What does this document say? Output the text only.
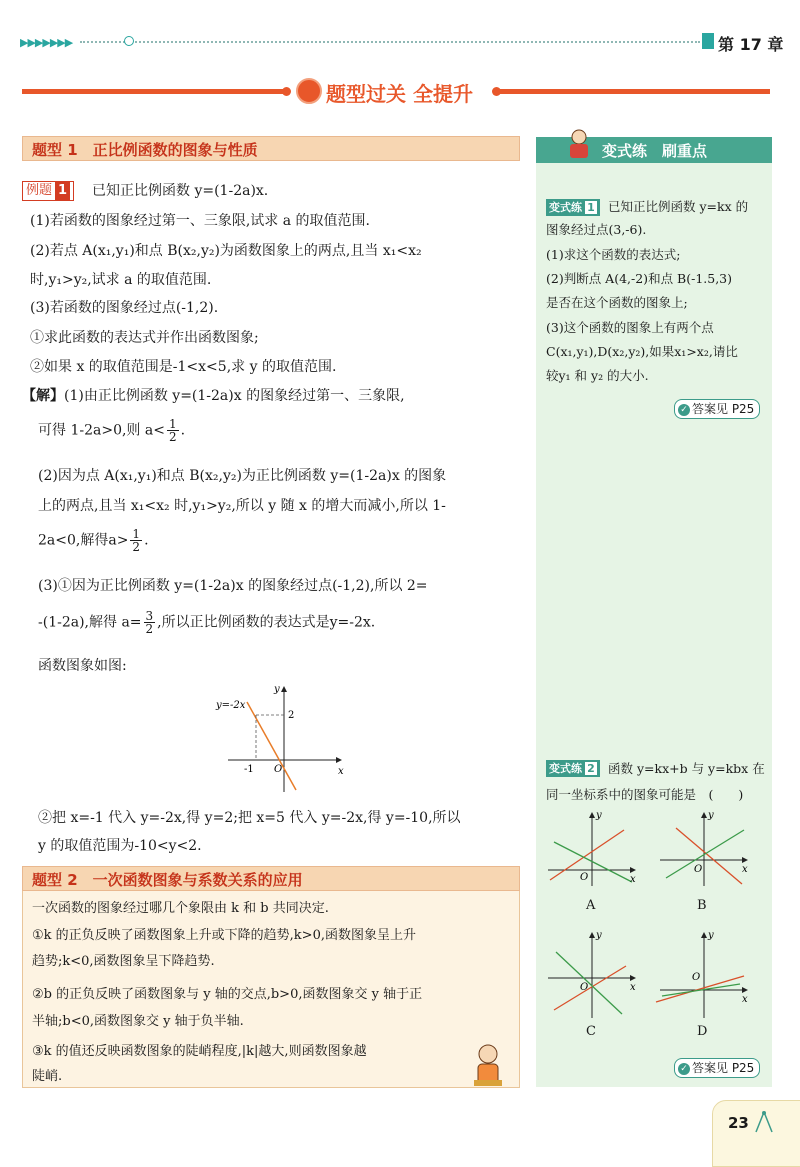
▶▶▶▶▶▶▶	第 17 章
题型过关 全提升
题型 1　正比例函数的图象与性质
例题 1	已知正比例函数 y=(1-2a)x.
(1)若函数的图象经过第一、三象限,试求 a 的取值范围.
(2)若点 A(x₁,y₁)和点 B(x₂,y₂)为函数图象上的两点,且当 x₁<x₂
时,y₁>y₂,试求 a 的取值范围.
(3)若函数的图象经过点(-1,2).
①求此函数的表达式并作出函数图象;
②如果 x 的取值范围是-1<x<5,求 y 的取值范围.
【解】(1)由正比例函数 y=(1-2a)x 的图象经过第一、三象限,
可得 1-2a>0,则 $a< \frac{1}{2}$ .
(2)因为点 A(x₁,y₁)和点 B(x₂,y₂)为正比例函数 y=(1-2a)x 的图象
上的两点,且当 x₁<x₂ 时,y₁>y₂,所以 y 随 x 的增大而减小,所以 1-
2a<0,解得$a> \frac{1}{2}$ .
(3)①因为正比例函数 y=(1-2a)x 的图象经过点(-1,2),所以 2=
-(1-2a),解得 $a= \frac{3}{2}$ ,所以正比例函数的表达式是y=-2x.
函数图象如图:
y=-2x
y
x
2
-1 O
②把 x=-1 代入 y=-2x,得 y=2;把 x=5 代入 y=-2x,得 y=-10,所以
y 的取值范围为-10<y<2.
题型 2　一次函数图象与系数关系的应用
一次函数的图象经过哪几个象限由 k 和 b 共同决定.
①k 的正负反映了函数图象上升或下降的趋势,k>0,函数图象呈上升
趋势;k<0,函数图象呈下降趋势.
②b 的正负反映了函数图象与 y 轴的交点,b>0,函数图象交 y 轴于正
半轴;b<0,函数图象交 y 轴于负半轴.
③k 的值还反映函数图象的陡峭程度,|k|越大,则函数图象越
陡峭.
变式练　刷重点
变式练 1	已知正比例函数 y=kx 的
图象经过点(3,-6).
(1)求这个函数的表达式;
(2)判断点 A(4,-2)和点 B(-1.5,3)
是否在这个函数的图象上;
(3)这个函数的图象上有两个点
C(x₁,y₁),D(x₂,y₂),如果x₁>x₂,请比
较y₁ 和 y₂ 的大小.
✓ 答案见 P25
变式练 2	函数 y=kx+b 与 y=kbx 在
同一坐标系中的图象可能是　(　　)
y
x
O
A
y
x
O
B
y
x
O
C
y
x
O
D
✓ 答案见 P25
23
